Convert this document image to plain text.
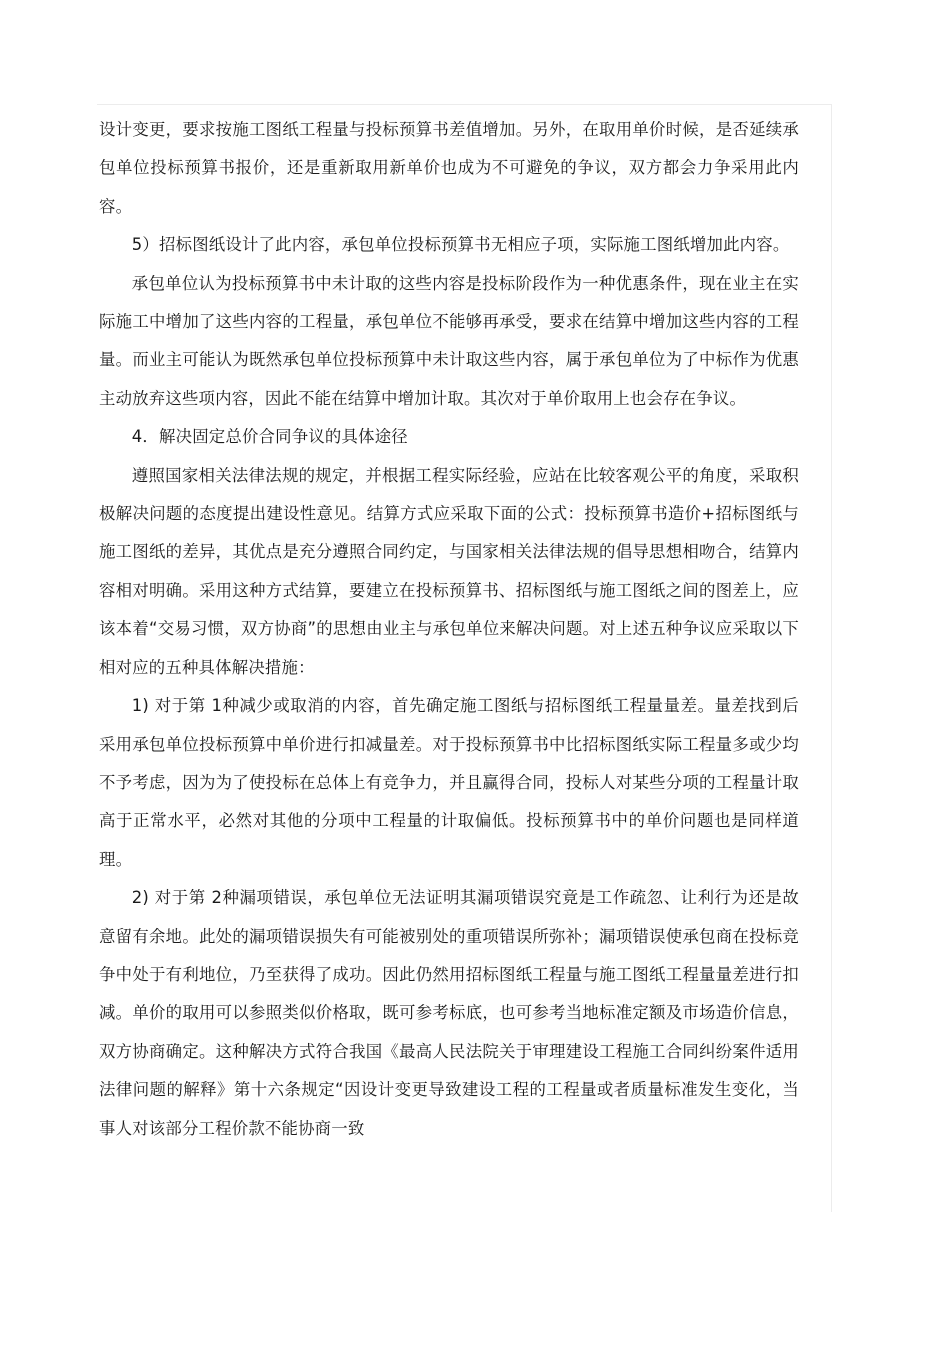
设计变更，要求按施工图纸工程量与投标预算书差值增加。另外，在取用单价时候，是否延续承包单位投标预算书报价，还是重新取用新单价也成为不可避免的争议，双方都会力争采用此内容。

5）招标图纸设计了此内容，承包单位投标预算书无相应子项，实际施工图纸增加此内容。

承包单位认为投标预算书中未计取的这些内容是投标阶段作为一种优惠条件，现在业主在实际施工中增加了这些内容的工程量，承包单位不能够再承受，要求在结算中增加这些内容的工程量。而业主可能认为既然承包单位投标预算中未计取这些内容，属于承包单位为了中标作为优惠主动放弃这些项内容，因此不能在结算中增加计取。其次对于单价取用上也会存在争议。

4．解决固定总价合同争议的具体途径

遵照国家相关法律法规的规定，并根据工程实际经验，应站在比较客观公平的角度，采取积极解决问题的态度提出建设性意见。结算方式应采取下面的公式：投标预算书造价+招标图纸与施工图纸的差异，其优点是充分遵照合同约定，与国家相关法律法规的倡导思想相吻合，结算内容相对明确。采用这种方式结算，要建立在投标预算书、招标图纸与施工图纸之间的图差上，应该本着“交易习惯，双方协商”的思想由业主与承包单位来解决问题。对上述五种争议应采取以下相对应的五种具体解决措施：

1) 对于第 1种减少或取消的内容，首先确定施工图纸与招标图纸工程量量差。量差找到后采用承包单位投标预算中单价进行扣减量差。对于投标预算书中比招标图纸实际工程量多或少均不予考虑，因为为了使投标在总体上有竞争力，并且赢得合同，投标人对某些分项的工程量计取高于正常水平，必然对其他的分项中工程量的计取偏低。投标预算书中的单价问题也是同样道理。

2) 对于第 2种漏项错误，承包单位无法证明其漏项错误究竟是工作疏忽、让利行为还是故意留有余地。此处的漏项错误损失有可能被别处的重项错误所弥补；漏项错误使承包商在投标竞争中处于有利地位，乃至获得了成功。因此仍然用招标图纸工程量与施工图纸工程量量差进行扣减。单价的取用可以参照类似价格取，既可参考标底，也可参考当地标准定额及市场造价信息，双方协商确定。这种解决方式符合我国《最高人民法院关于审理建设工程施工合同纠纷案件适用法律问题的解释》第十六条规定“因设计变更导致建设工程的工程量或者质量标准发生变化，当事人对该部分工程价款不能协商一致
